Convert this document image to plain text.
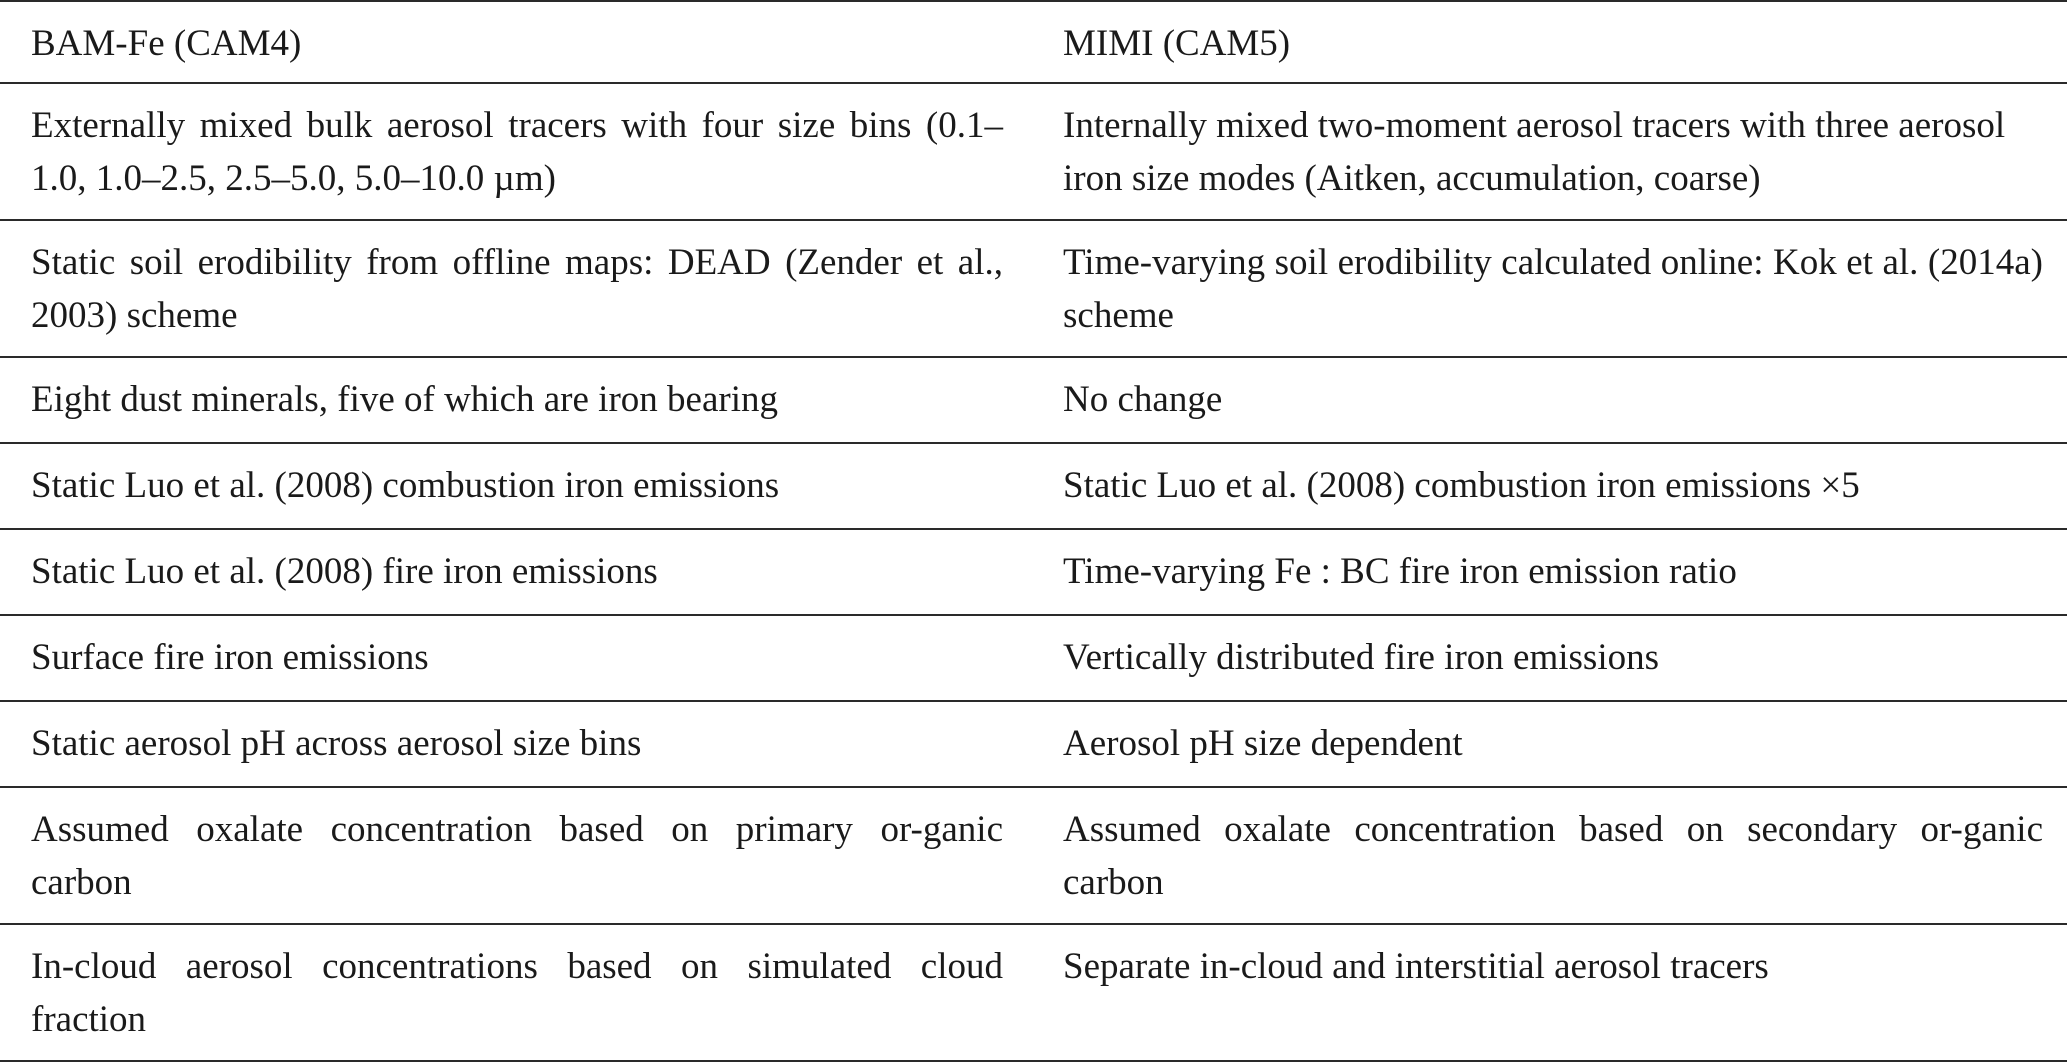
BAM-Fe (CAM4)	MIMI (CAM5)

Externally mixed bulk aerosol tracers with four size bins (0.1–1.0, 1.0–2.5, 2.5–5.0, 5.0–10.0 µm)	Internally mixed two-moment aerosol tracers with three aerosol iron size modes (Aitken, accumulation, coarse)

Static soil erodibility from offline maps: DEAD (Zender et al., 2003) scheme	Time-varying soil erodibility calculated online: Kok et al. (2014a) scheme

Eight dust minerals, five of which are iron bearing	No change

Static Luo et al. (2008) combustion iron emissions	Static Luo et al. (2008) combustion iron emissions ×5

Static Luo et al. (2008) fire iron emissions	Time-varying Fe : BC fire iron emission ratio

Surface fire iron emissions	Vertically distributed fire iron emissions

Static aerosol pH across aerosol size bins	Aerosol pH size dependent

Assumed oxalate concentration based on primary or-ganic carbon	Assumed oxalate concentration based on secondary or-ganic carbon

In-cloud aerosol concentrations based on simulated cloud fraction	Separate in-cloud and interstitial aerosol tracers
